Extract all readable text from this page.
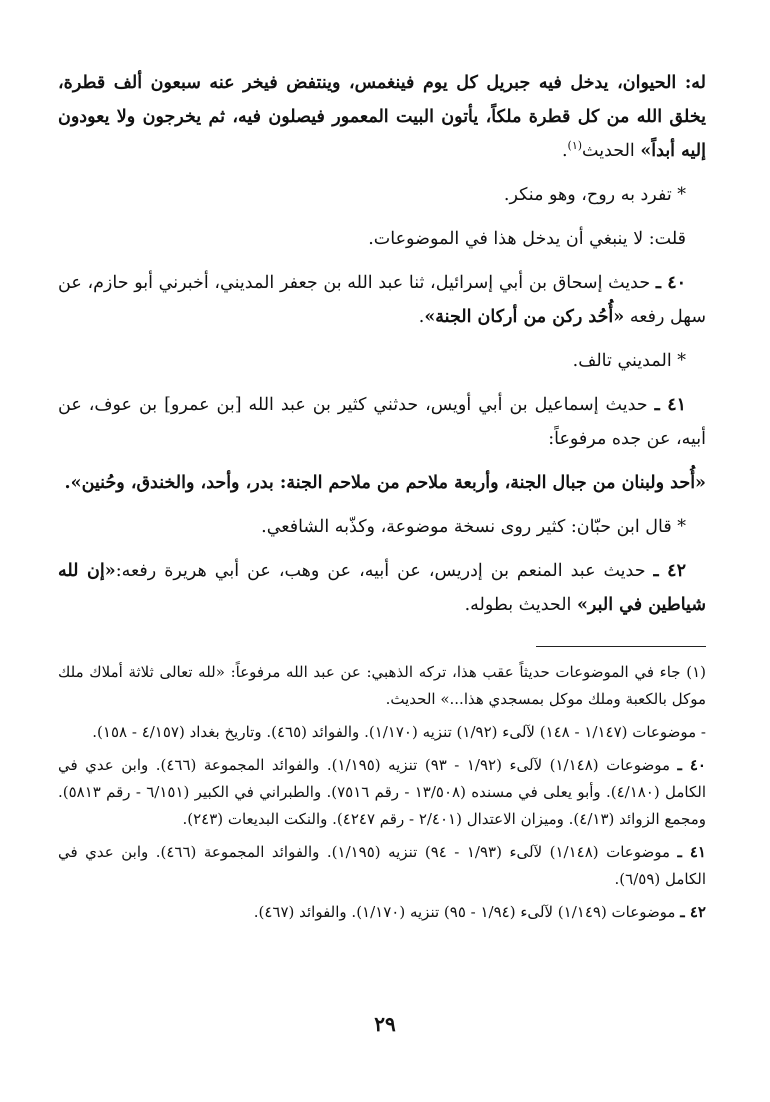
له: الحيوان، يدخل فيه جبريل كل يوم فينغمس، وينتفض فيخر عنه سبعون ألف قطرة، يخلق الله من كل قطرة ملكاً، يأتون البيت المعمور فيصلون فيه، ثم يخرجون ولا يعودون إليه أبداً» الحديث$^{(١)}$.

* تفرد به روح، وهو منكر.

قلت: لا ينبغي أن يدخل هذا في الموضوعات.

٤٠ ـ حديث إسحاق بن أبي إسرائيل، ثنا عبد الله بن جعفر المديني، أخبرني أبو حازم، عن سهل رفعه «أُحُد ركن من أركان الجنة».

* المديني تالف.

٤١ ـ حديث إسماعيل بن أبي أويس، حدثني كثير بن عبد الله [بن عمرو] بن عوف، عن أبيه، عن جده مرفوعاً:

«أُحد ولبنان من جبال الجنة، وأربعة ملاحم من ملاحم الجنة: بدر، وأحد، والخندق، وحُنين».

* قال ابن حبّان: كثير روى نسخة موضوعة، وكذّبه الشافعي.

٤٢ ـ حديث عبد المنعم بن إدريس، عن أبيه، عن وهب، عن أبي هريرة رفعه:«إن لله شياطين في البر» الحديث بطوله.

(١) جاء في الموضوعات حديثاً عقب هذا، تركه الذهبي: عن عبد الله مرفوعاً: «لله تعالى ثلاثة أملاك ملك موكل بالكعبة وملك موكل بمسجدي هذا...» الحديث.

- موضوعات (١/١٤٧ - ١٤٨) لآلىء (١/٩٢) تنزيه (١/١٧٠). والفوائد (٤٦٥). وتاريخ بغداد (٤/١٥٧ - ١٥٨).

٤٠ ـ موضوعات (١/١٤٨) لآلىء (١/٩٢ - ٩٣) تنزيه (١/١٩٥). والفوائد المجموعة (٤٦٦). وابن عدي في الكامل (٤/١٨٠). وأبو يعلى في مسنده (١٣/٥٠٨ - رقم ٧٥١٦). والطبراني في الكبير (٦/١٥١ - رقم ٥٨١٣). ومجمع الزوائد (٤/١٣). وميزان الاعتدال (٢/٤٠١ - رقم ٤٢٤٧). والنكت البديعات (٢٤٣).

٤١ ـ موضوعات (١/١٤٨) لآلىء (١/٩٣ - ٩٤) تنزيه (١/١٩٥). والفوائد المجموعة (٤٦٦). وابن عدي في الكامل (٦/٥٩).

٤٢ ـ موضوعات (١/١٤٩) لآلىء (١/٩٤ - ٩٥) تنزيه (١/١٧٠). والفوائد (٤٦٧).

٢٩
